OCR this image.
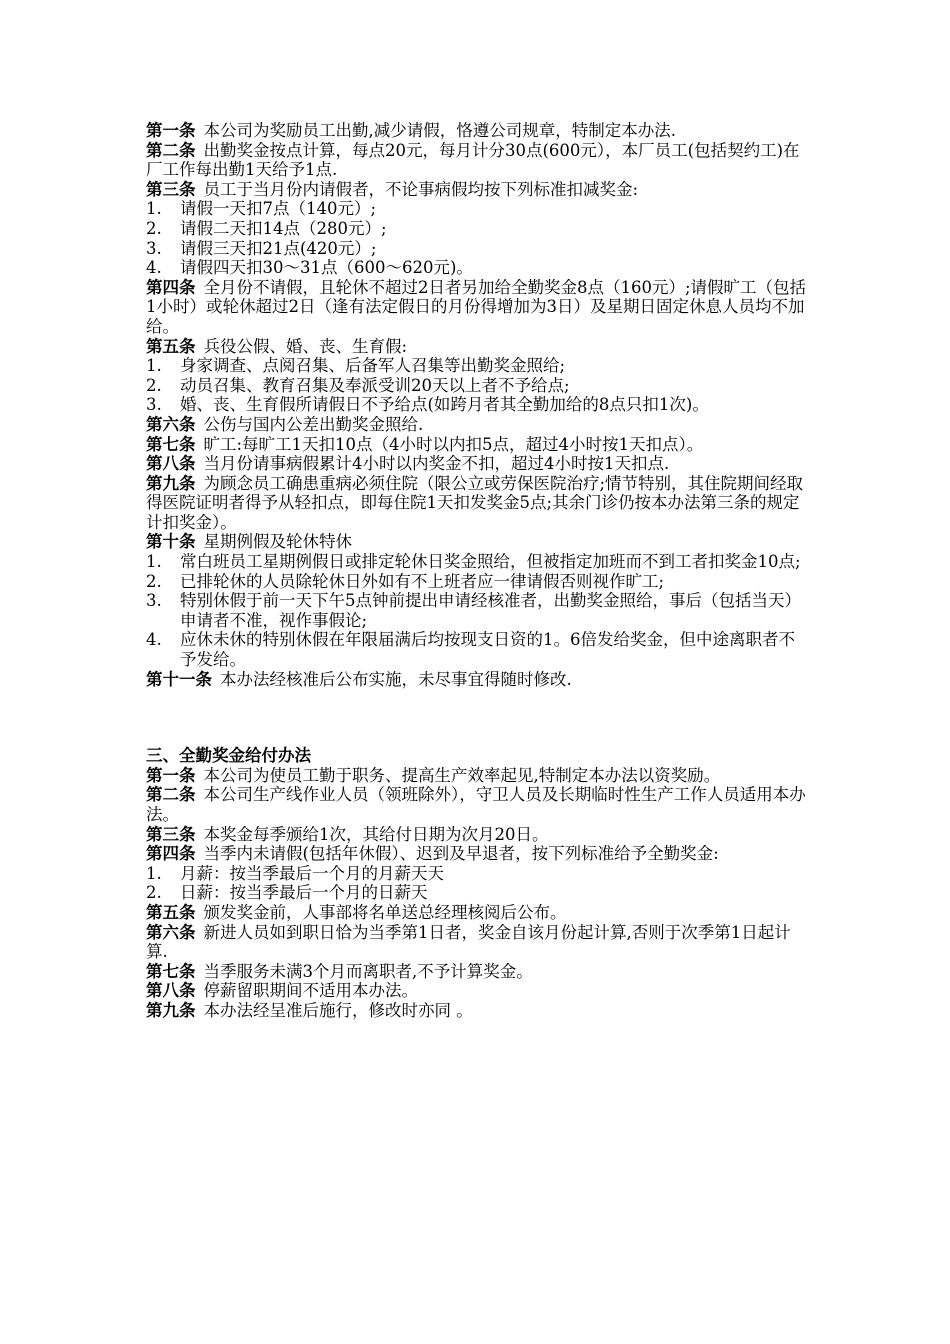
第一条 本公司为奖励员工出勤,减少请假，恪遵公司规章，特制定本办法.
第二条 出勤奖金按点计算，每点20元，每月计分30点(600元），本厂员工(包括契约工)在厂工作每出勤1天给予1点.
第三条 员工于当月份内请假者，不论事病假均按下列标准扣减奖金:
1. 请假一天扣7点（140元）;
2. 请假二天扣14点（280元）;
3. 请假三天扣21点(420元）;
4. 请假四天扣30～31点（600～620元)。
第四条 全月份不请假，且轮休不超过2日者另加给全勤奖金8点（160元）;请假旷工（包括1小时）或轮休超过2日（逢有法定假日的月份得增加为3日）及星期日固定休息人员均不加给。
第五条 兵役公假、婚、丧、生育假:
1. 身家调查、点阅召集、后备军人召集等出勤奖金照给;
2. 动员召集、教育召集及奉派受训20天以上者不予给点;
3. 婚、丧、生育假所请假日不予给点(如跨月者其全勤加给的8点只扣1次)。
第六条 公伤与国内公差出勤奖金照给.
第七条 旷工:每旷工1天扣10点（4小时以内扣5点，超过4小时按1天扣点）。
第八条 当月份请事病假累计4小时以内奖金不扣，超过4小时按1天扣点.
第九条 为顾念员工确患重病必须住院（限公立或劳保医院治疗;情节特别，其住院期间经取得医院证明者得予从轻扣点，即每住院1天扣发奖金5点;其余门诊仍按本办法第三条的规定计扣奖金）。
第十条 星期例假及轮休特休
1. 常白班员工星期例假日或排定轮休日奖金照给，但被指定加班而不到工者扣奖金10点;
2. 已排轮休的人员除轮休日外如有不上班者应一律请假否则视作旷工;
3. 特别休假于前一天下午5点钟前提出申请经核准者，出勤奖金照给，事后（包括当天）申请者不准，视作事假论;
4. 应休未休的特别休假在年限届满后均按现支日资的1。6倍发给奖金，但中途离职者不予发给。
第十一条 本办法经核准后公布实施，未尽事宜得随时修改.
三、全勤奖金给付办法
第一条 本公司为使员工勤于职务、提高生产效率起见,特制定本办法以资奖励。
第二条 本公司生产线作业人员（领班除外），守卫人员及长期临时性生产工作人员适用本办法。
第三条 本奖金每季颁给1次，其给付日期为次月20日。
第四条 当季内未请假(包括年休假）、迟到及早退者，按下列标准给予全勤奖金:
1. 月薪：按当季最后一个月的月薪天天
2. 日薪：按当季最后一个月的日薪天
第五条 颁发奖金前，人事部将名单送总经理核阅后公布。
第六条 新进人员如到职日恰为当季第1日者，奖金自该月份起计算,否则于次季第1日起计算.
第七条 当季服务未满3个月而离职者,不予计算奖金。
第八条 停薪留职期间不适用本办法。
第九条 本办法经呈准后施行，修改时亦同 。
